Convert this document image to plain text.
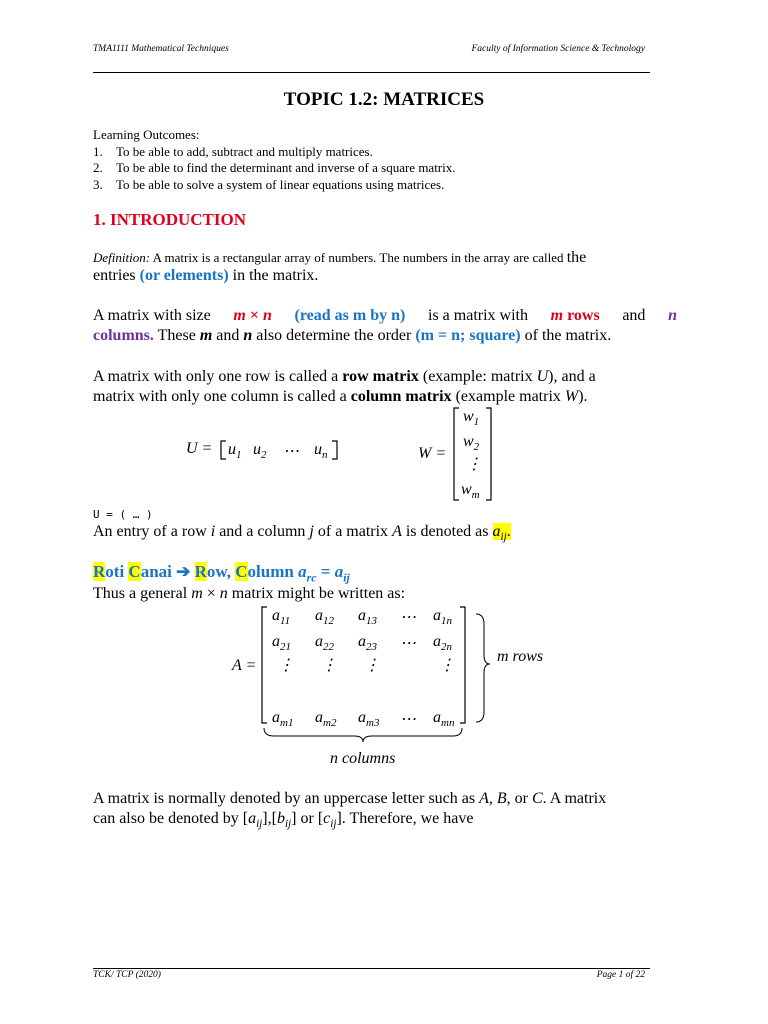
TMA1111 Mathematical Techniques	Faculty of Information Science & Technology
TOPIC 1.2: MATRICES
Learning Outcomes:
1. To be able to add, subtract and multiply matrices.
2. To be able to find the determinant and inverse of a square matrix.
3. To be able to solve a system of linear equations using matrices.
1. INTRODUCTION
Definition: A matrix is a rectangular array of numbers. The numbers in the array are called the
entries (or elements) in the matrix.
A matrix with size m × n (read as m by n) is a matrix with m rows and n
columns. These m and n also determine the order (m = n; square) of the matrix.
A matrix with only one row is called a row matrix (example: matrix U), and a
matrix with only one column is called a column matrix (example matrix W).
$U = u_1$ $u_2$ ⋯ $u_n$	W =
$w_1$
$w_2$
⋮
$w_m$
U = ( … )
An entry of a row i and a column j of a matrix A is denoted as $a_{ij}$.
Roti Canai ➔ Row, Column $a_{rc} = a_{ij}$
Thus a general m × n matrix might be written as:
A =
$a_{11}$ $a_{12}$ $a_{13}$ ⋯ $a_{1n}$
$a_{21}$ $a_{22}$ $a_{23}$ ⋯ $a_{2n}$
⋮ ⋮ ⋮	⋮
$a_{m1}$ $a_{m2}$ $a_{m3}$ ⋯ $a_{mn}$
m rows
n columns
A matrix is normally denoted by an uppercase letter such as A, B, or C. A matrix
can also be denoted by $[a_{ij}],[b_{ij}]$ or $[c_{ij}]$. Therefore, we have
TCK/ TCP (2020)	Page 1 of 22
